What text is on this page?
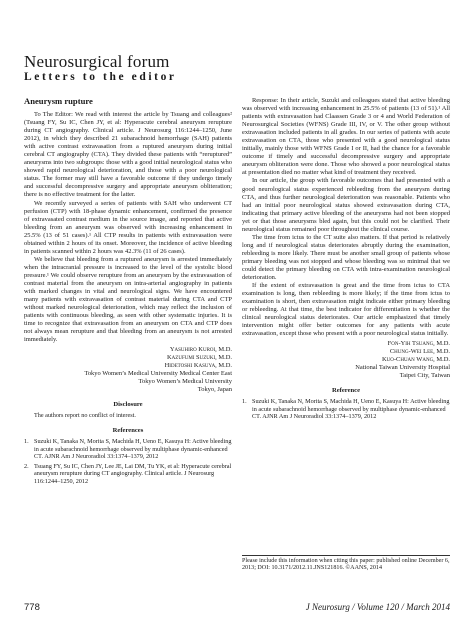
Neurosurgical forum
Letters to the editor
Aneurysm rupture

To The Editor: We read with interest the article by Tsuang and colleagues² (Tsuang FY, Su IC, Chen JY, et al: Hyperacute cerebral aneurysm rerupture during CT angiography. Clinical article. J Neurosurg 116:1244–1250, June 2012), in which they described 21 subarachnoid hemorrhage (SAH) patients with active contrast extravasation from a ruptured aneurysm during initial cerebral CT angiography (CTA). They divided these patients with “reruptured” aneurysms into two subgroups: those with a good initial neurological status who showed rapid neurological deterioration, and those with a poor neurological status. The former may still have a favorable outcome if they undergo timely and successful decompressive surgery and appropriate aneurysm obliteration; there is no effective treatment for the latter.

We recently surveyed a series of patients with SAH who underwent CT perfusion (CTP) with 18-phase dynamic enhancement, confirmed the presence of extravasated contrast medium in the source image, and reported that active bleeding from an aneurysm was observed with increasing enhancement in 25.5% (13 of 51 cases).¹ All CTP results in patients with extravasation were obtained within 2 hours of its onset. Moreover, the incidence of active bleeding in patients scanned within 2 hours was 42.3% (11 of 26 cases).

We believe that bleeding from a ruptured aneurysm is arrested immediately when the intracranial pressure is increased to the level of the systolic blood pressure.¹ We could observe rerupture from an aneurysm by the extravasation of contrast material from the aneurysm on intra-arterial angiography in patients with marked changes in vital and neurological signs. We have encountered many patients with extravasation of contrast material during CTA and CTP without marked neurological deterioration, which may reflect the inclusion of patients with continuous bleeding, as seen with other systematic injuries. It is time to recognize that extravasation from an aneurysm on CTA and CTP does not always mean rerupture and that bleeding from an aneurysm is not arrested immediately.

Yasuhiro Kuroi, M.D.

Kazufumi Suzuki, M.D.

Hidetoshi Kasuya, M.D.

Tokyo Women’s Medical University Medical Center East

Tokyo Women’s Medical University

Tokyo, Japan

Disclosure

The authors report no conflict of interest.

References
1. Suzuki K, Tanaka N, Morita S, Machida H, Ueno E, Kasuya H: Active bleeding in acute subarachnoid hemorrhage observed by multiphase dynamic-enhanced CT. AJNR Am J Neuroradiol 33:1374–1379, 2012
2. Tsuang FY, Su IC, Chen JY, Lee JE, Lai DM, Tu YK, et al: Hyperacute cerebral aneurysm rerupture during CT angiography. Clinical article. J Neurosurg 116:1244–1250, 2012

Response: In their article, Suzuki and colleagues stated that active bleeding was observed with increasing enhancement in 25.5% of patients (13 of 51).¹ All patients with extravasation had Claassen Grade 3 or 4 and World Federation of Neurosurgical Societies (WFNS) Grade III, IV, or V. The other group without extravasation included patients in all grades. In our series of patients with acute extravasation on CTA, those who presented with a good neurological status initially, mainly those with WFNS Grade I or II, had the chance for a favorable outcome if timely and successful decompressive surgery and appropriate aneurysm obliteration were done. Those who showed a poor neurological status at presentation died no matter what kind of treatment they received.

In our article, the group with favorable outcomes that had presented with a good neurological status experienced rebleeding from the aneurysm during CTA, and thus further neurological deterioration was reasonable. Patients who had an initial poor neurological status showed extravasation during CTA, indicating that primary active bleeding of the aneurysms had not been stopped yet or that those aneurysms bled again, but this could not be clarified. Their neurological status remained poor throughout the clinical course.

The time from ictus to the CT suite also matters. If that period is relatively long and if neurological status deteriorates abruptly during the examination, rebleeding is more likely. There must be another small group of patients whose primary bleeding was not stopped and whose bleeding was so minimal that we could detect the primary bleeding on CTA with intra-examination neurological deterioration.

If the extent of extravasation is great and the time from ictus to CTA examination is long, then rebleeding is more likely; if the time from ictus to examination is short, then extravasation might indicate either primary bleeding or rebleeding. At that time, the best indicator for differentiation is whether the clinical neurological status deteriorates. Our article emphasized that timely intervention might offer better outcomes for any patients with acute extravasation, except those who present with a poor neurological status initially.

Fon-Yih Tsuang, M.D.

Chung-Wei Lee, M.D.

Kuo-Chuan Wang, M.D.

National Taiwan University Hospital

Taipei City, Taiwan

Reference
1. Suzuki K, Tanaka N, Morita S, Machida H, Ueno E, Kasuya H: Active bleeding in acute subarachnoid hemorrhage observed by multiphase dynamic-enhanced CT. AJNR Am J Neuroradiol 33:1374–1379, 2012
Please include this information when citing this paper: published online December 6, 2013; DOI: 10.3171/2012.11.JNS121816. ©AANS, 2014
778	J Neurosurg / Volume 120 / March 2014
